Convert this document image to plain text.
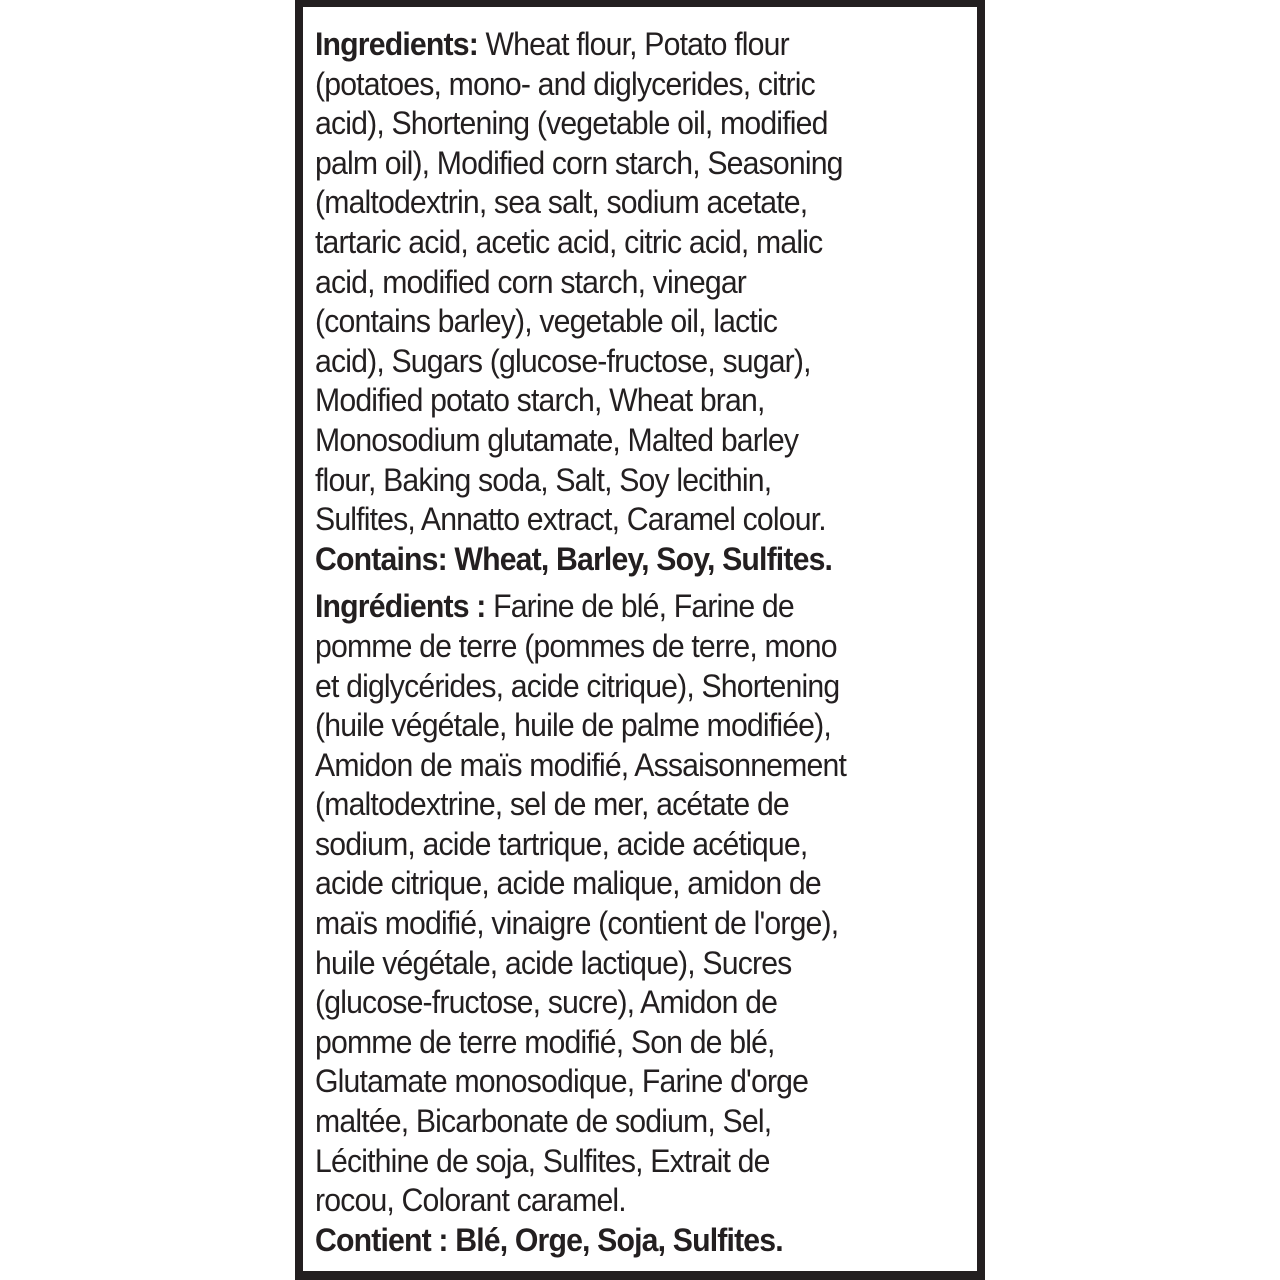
Ingredients: Wheat flour, Potato flour
(potatoes, mono- and diglycerides, citric
acid), Shortening (vegetable oil, modified
palm oil), Modified corn starch, Seasoning
(maltodextrin, sea salt, sodium acetate,
tartaric acid, acetic acid, citric acid, malic
acid, modified corn starch, vinegar
(contains barley), vegetable oil, lactic
acid), Sugars (glucose-fructose, sugar),
Modified potato starch, Wheat bran,
Monosodium glutamate, Malted barley
flour, Baking soda, Salt, Soy lecithin,
Sulfites, Annatto extract, Caramel colour.
Contains: Wheat, Barley, Soy, Sulfites.
Ingrédients : Farine de blé, Farine de
pomme de terre (pommes de terre, mono
et diglycérides, acide citrique), Shortening
(huile végétale, huile de palme modifiée),
Amidon de maïs modifié, Assaisonnement
(maltodextrine, sel de mer, acétate de
sodium, acide tartrique, acide acétique,
acide citrique, acide malique, amidon de
maïs modifié, vinaigre (contient de l'orge),
huile végétale, acide lactique), Sucres
(glucose-fructose, sucre), Amidon de
pomme de terre modifié, Son de blé,
Glutamate monosodique, Farine d'orge
maltée, Bicarbonate de sodium, Sel,
Lécithine de soja, Sulfites, Extrait de
rocou, Colorant caramel.
Contient : Blé, Orge, Soja, Sulfites.
